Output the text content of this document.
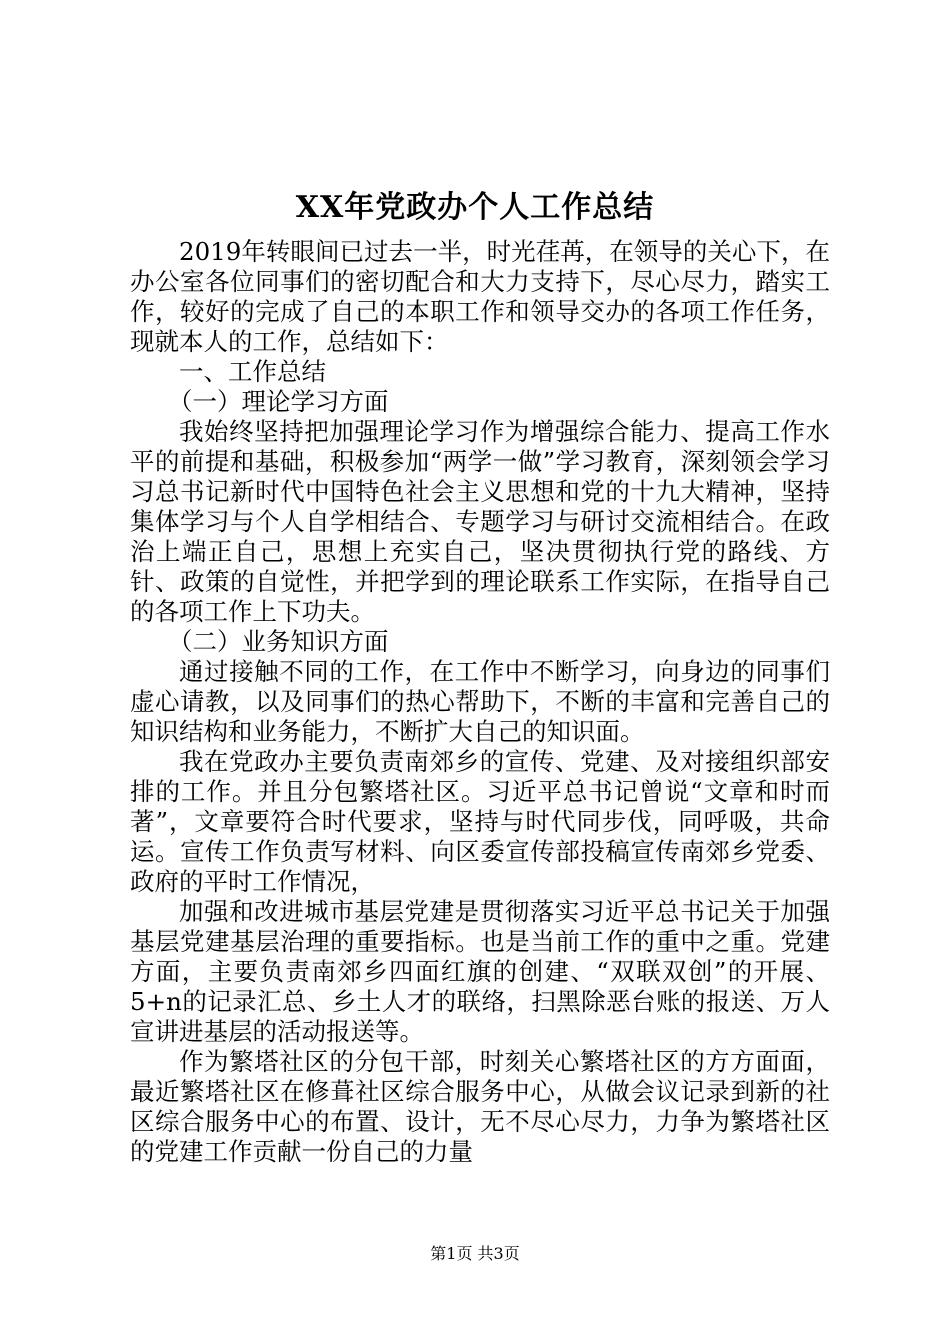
XX年党政办个人工作总结

2019年转眼间已过去一半，时光荏苒，在领导的关心下，在办公室各位同事们的密切配合和大力支持下，尽心尽力，踏实工作，较好的完成了自己的本职工作和领导交办的各项工作任务，现就本人的工作，总结如下：

一、工作总结

（一）理论学习方面

我始终坚持把加强理论学习作为增强综合能力、提高工作水平的前提和基础，积极参加“两学一做”学习教育，深刻领会学习习总书记新时代中国特色社会主义思想和党的十九大精神，坚持集体学习与个人自学相结合、专题学习与研讨交流相结合。在政治上端正自己，思想上充实自己，坚决贯彻执行党的路线、方针、政策的自觉性，并把学到的理论联系工作实际，在指导自己的各项工作上下功夫。

（二）业务知识方面

通过接触不同的工作，在工作中不断学习，向身边的同事们虚心请教，以及同事们的热心帮助下，不断的丰富和完善自己的知识结构和业务能力，不断扩大自己的知识面。

我在党政办主要负责南郊乡的宣传、党建、及对接组织部安排的工作。并且分包繁塔社区。习近平总书记曾说“文章和时而著”，文章要符合时代要求，坚持与时代同步伐，同呼吸，共命运。宣传工作负责写材料、向区委宣传部投稿宣传南郊乡党委、政府的平时工作情况，

加强和改进城市基层党建是贯彻落实习近平总书记关于加强基层党建基层治理的重要指标。也是当前工作的重中之重。党建方面，主要负责南郊乡四面红旗的创建、“双联双创”的开展、5+n的记录汇总、乡土人才的联络，扫黑除恶台账的报送、万人宣讲进基层的活动报送等。

作为繁塔社区的分包干部，时刻关心繁塔社区的方方面面，最近繁塔社区在修葺社区综合服务中心，从做会议记录到新的社区综合服务中心的布置、设计，无不尽心尽力，力争为繁塔社区的党建工作贡献一份自己的力量

第1页 共3页
